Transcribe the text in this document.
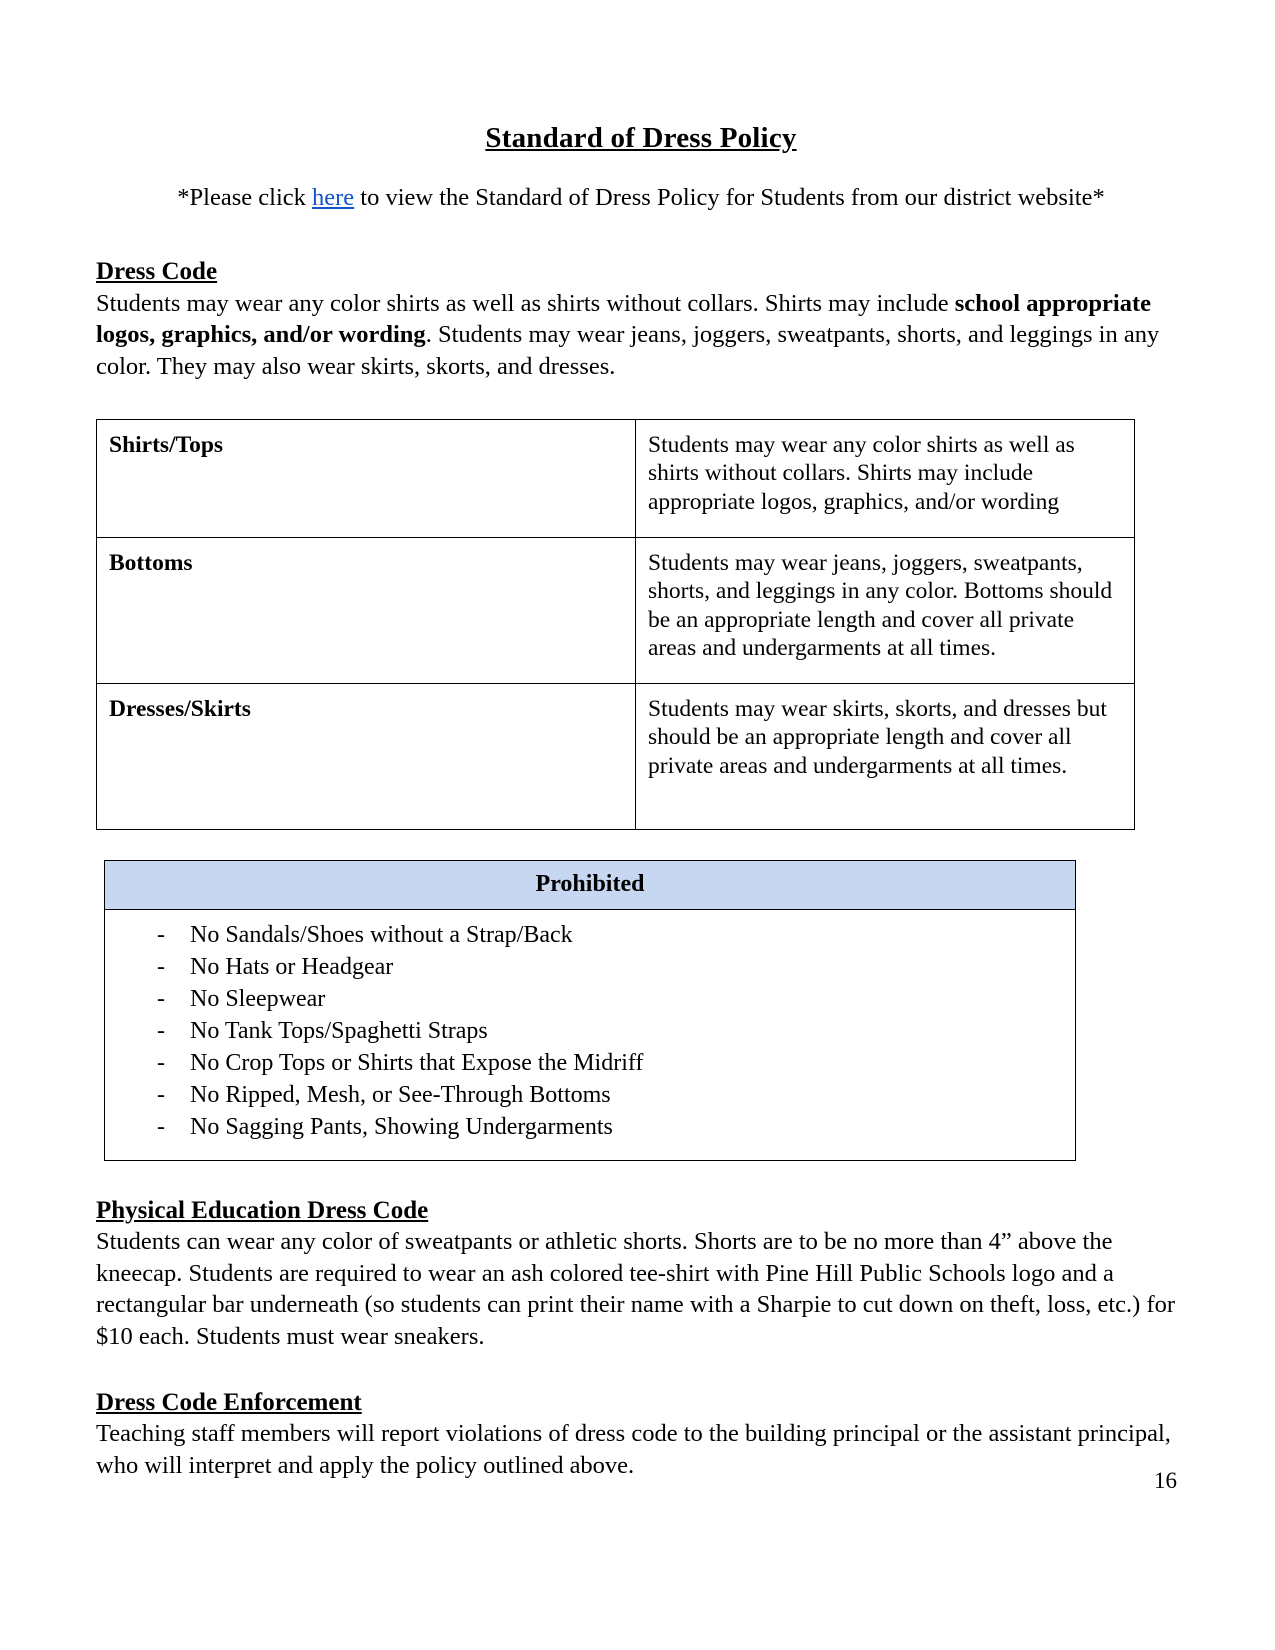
Standard of Dress Policy

*Please click here to view the Standard of Dress Policy for Students from our district website*

Dress Code

Students may wear any color shirts as well as shirts without collars. Shirts may include school appropriate logos, graphics, and/or wording. Students may wear jeans, joggers, sweatpants, shorts, and leggings in any color. They may also wear skirts, skorts, and dresses.

Shirts/Tops	Students may wear any color shirts as well as shirts without collars. Shirts may include appropriate logos, graphics, and/or wording
Bottoms	Students may wear jeans, joggers, sweatpants, shorts, and leggings in any color. Bottoms should be an appropriate length and cover all private areas and undergarments at all times.
Dresses/Skirts	Students may wear skirts, skorts, and dresses but should be an appropriate length and cover all private areas and undergarments at all times.
Prohibited
- No Sandals/Shoes without a Strap/Back
- No Hats or Headgear
- No Sleepwear
- No Tank Tops/Spaghetti Straps
- No Crop Tops or Shirts that Expose the Midriff
- No Ripped, Mesh, or See-Through Bottoms
- No Sagging Pants, Showing Undergarments
Physical Education Dress Code

Students can wear any color of sweatpants or athletic shorts. Shorts are to be no more than 4” above the kneecap. Students are required to wear an ash colored tee-shirt with Pine Hill Public Schools logo and a rectangular bar underneath (so students can print their name with a Sharpie to cut down on theft, loss, etc.) for $10 each. Students must wear sneakers.

Dress Code Enforcement

Teaching staff members will report violations of dress code to the building principal or the assistant principal, who will interpret and apply the policy outlined above.

16
